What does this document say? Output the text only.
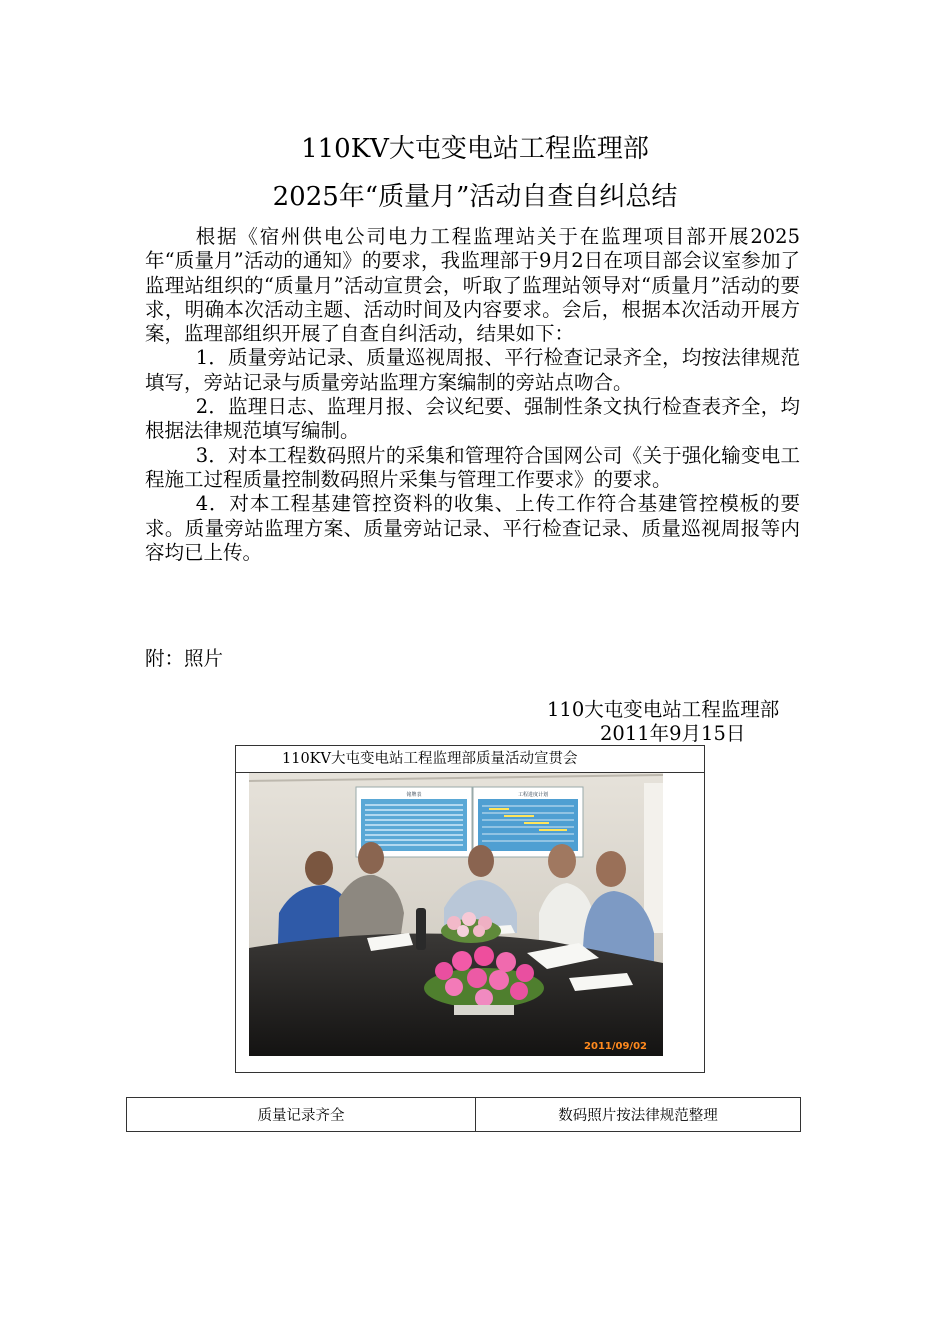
110KV大屯变电站工程监理部
2025年“质量月”活动自查自纠总结

根据《宿州供电公司电力工程监理站关于在监理项目部开展2025年“质量月”活动的通知》的要求，我监理部于9月2日在项目部会议室参加了监理站组织的“质量月”活动宣贯会，听取了监理站领导对“质量月”活动的要求，明确本次活动主题、活动时间及内容要求。会后，根据本次活动开展方案，监理部组织开展了自查自纠活动，结果如下：

1．质量旁站记录、质量巡视周报、平行检查记录齐全，均按法律规范填写，旁站记录与质量旁站监理方案编制的旁站点吻合。

2．监理日志、监理月报、会议纪要、强制性条文执行检查表齐全，均根据法律规范填写编制。

3．对本工程数码照片的采集和管理符合国网公司《关于强化输变电工程施工过程质量控制数码照片采集与管理工作要求》的要求。

4．对本工程基建管控资料的收集、上传工作符合基建管控模板的要求。质量旁站监理方案、质量旁站记录、平行检查记录、质量巡视周报等内容均已上传。

附：照片
110大屯变电站工程监理部
2011年9月15日
110KV大屯变电站工程监理部质量活动宣贯会
铭牌表	工程进度计划
2011/09/02
质量记录齐全	数码照片按法律规范整理
